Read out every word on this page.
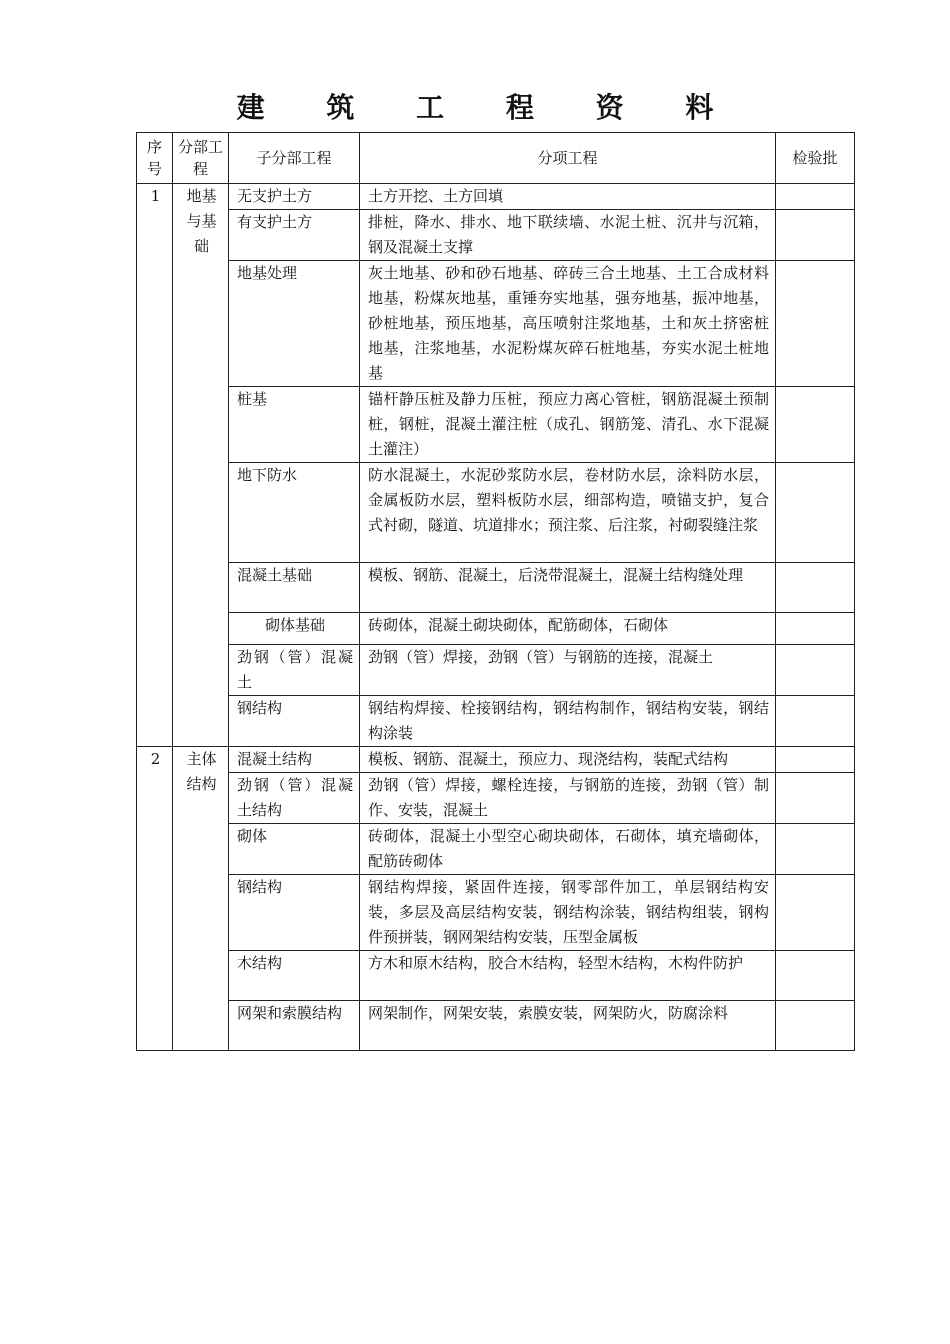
建 筑 工 程 资 料
序号	分部工程	子分部工程	分项工程	检验批
1	地基与基础	无支护土方	土方开挖、土方回填	
		有支护土方	排桩，降水、排水、地下联续墙、水泥土桩、沉井与沉箱，钢及混凝土支撑	
		地基处理	灰土地基、砂和砂石地基、碎砖三合土地基、土工合成材料地基，粉煤灰地基，重锤夯实地基，强夯地基，振冲地基，砂桩地基，预压地基，高压喷射注浆地基，土和灰土挤密桩地基，注浆地基，水泥粉煤灰碎石桩地基，夯实水泥土桩地基	
		桩基	锚杆静压桩及静力压桩，预应力离心管桩，钢筋混凝土预制桩，钢桩，混凝土灌注桩（成孔、钢筋笼、清孔、水下混凝土灌注）	
		地下防水	防水混凝土，水泥砂浆防水层，卷材防水层，涂料防水层，金属板防水层，塑料板防水层，细部构造，喷锚支护，复合式衬砌，隧道、坑道排水；预注浆、后注浆，衬砌裂缝注浆	
		混凝土基础	模板、钢筋、混凝土，后浇带混凝土，混凝土结构缝处理	
		砌体基础	砖砌体，混凝土砌块砌体，配筋砌体，石砌体	
		劲钢（管）混凝土	劲钢（管）焊接，劲钢（管）与钢筋的连接，混凝土	
		钢结构	钢结构焊接、栓接钢结构，钢结构制作，钢结构安装，钢结构涂装	
2	主体结构	混凝土结构	模板、钢筋、混凝土，预应力、现浇结构，装配式结构	
		劲钢（管）混凝土结构	劲钢（管）焊接，螺栓连接，与钢筋的连接，劲钢（管）制作、安装，混凝土	
		砌体	砖砌体，混凝土小型空心砌块砌体，石砌体，填充墙砌体，配筋砖砌体	
		钢结构	钢结构焊接，紧固件连接，钢零部件加工，单层钢结构安装，多层及高层结构安装，钢结构涂装，钢结构组装，钢构件预拼装，钢网架结构安装，压型金属板	
		木结构	方木和原木结构，胶合木结构，轻型木结构，木构件防护	
		网架和索膜结构	网架制作，网架安装，索膜安装，网架防火，防腐涂料	
